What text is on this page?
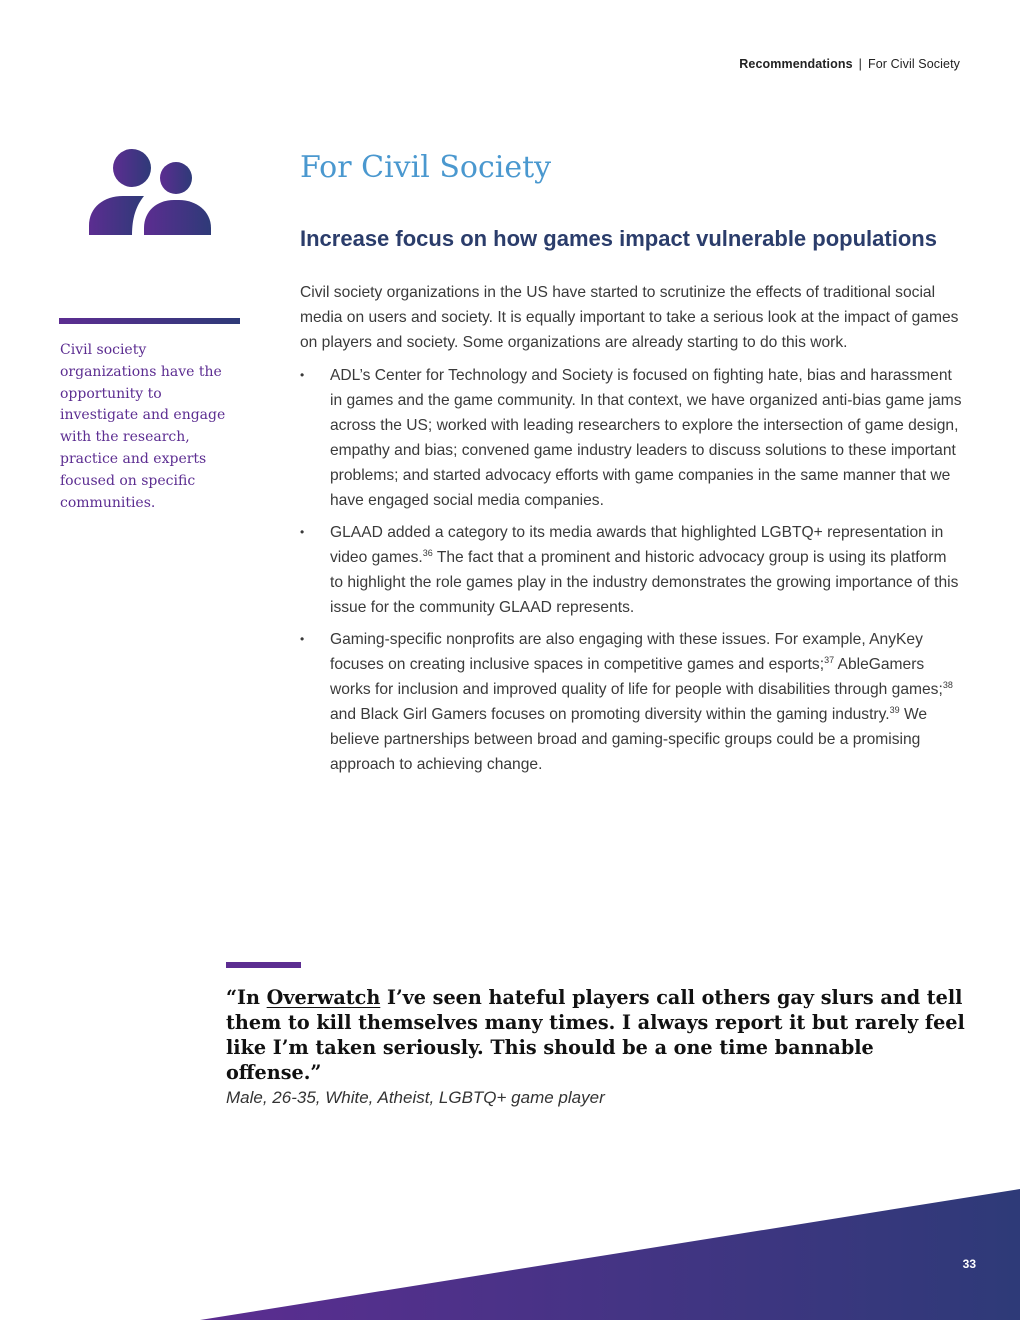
Recommendations | For Civil Society
Civil society organizations have the opportunity to investigate and engage with the research, practice and experts focused on specific communities.
For Civil Society
Increase focus on how games impact vulnerable populations

Civil society organizations in the US have started to scrutinize the effects of traditional social media on users and society. It is equally important to take a serious look at the impact of games on players and society. Some organizations are already starting to do this work.

• ADL’s Center for Technology and Society is focused on fighting hate, bias and harassment in games and the game community. In that context, we have organized anti-bias game jams across the US; worked with leading researchers to explore the intersection of game design, empathy and bias; convened game industry leaders to discuss solutions to these important problems; and started advocacy efforts with game companies in the same manner that we have engaged social media companies.
• GLAAD added a category to its media awards that highlighted LGBTQ+ representation in video games.$^{36}$ The fact that a prominent and historic advocacy group is using its platform to highlight the role games play in the industry demonstrates the growing importance of this issue for the community GLAAD represents.
• Gaming-specific nonprofits are also engaging with these issues. For example, AnyKey focuses on creating inclusive spaces in competitive games and esports;$^{37}$ AbleGamers works for inclusion and improved quality of life for people with disabilities through games;$^{38}$ and Black Girl Gamers focuses on promoting diversity within the gaming industry.$^{39}$ We believe partnerships between broad and gaming-specific groups could be a promising approach to achieving change.

“In Overwatch I’ve seen hateful players call others gay slurs and tell them to kill themselves many times. I always report it but rarely feel like I’m taken seriously. This should be a one time bannable offense.”

Male, 26-35, White, Atheist, LGBTQ+ game player

33
